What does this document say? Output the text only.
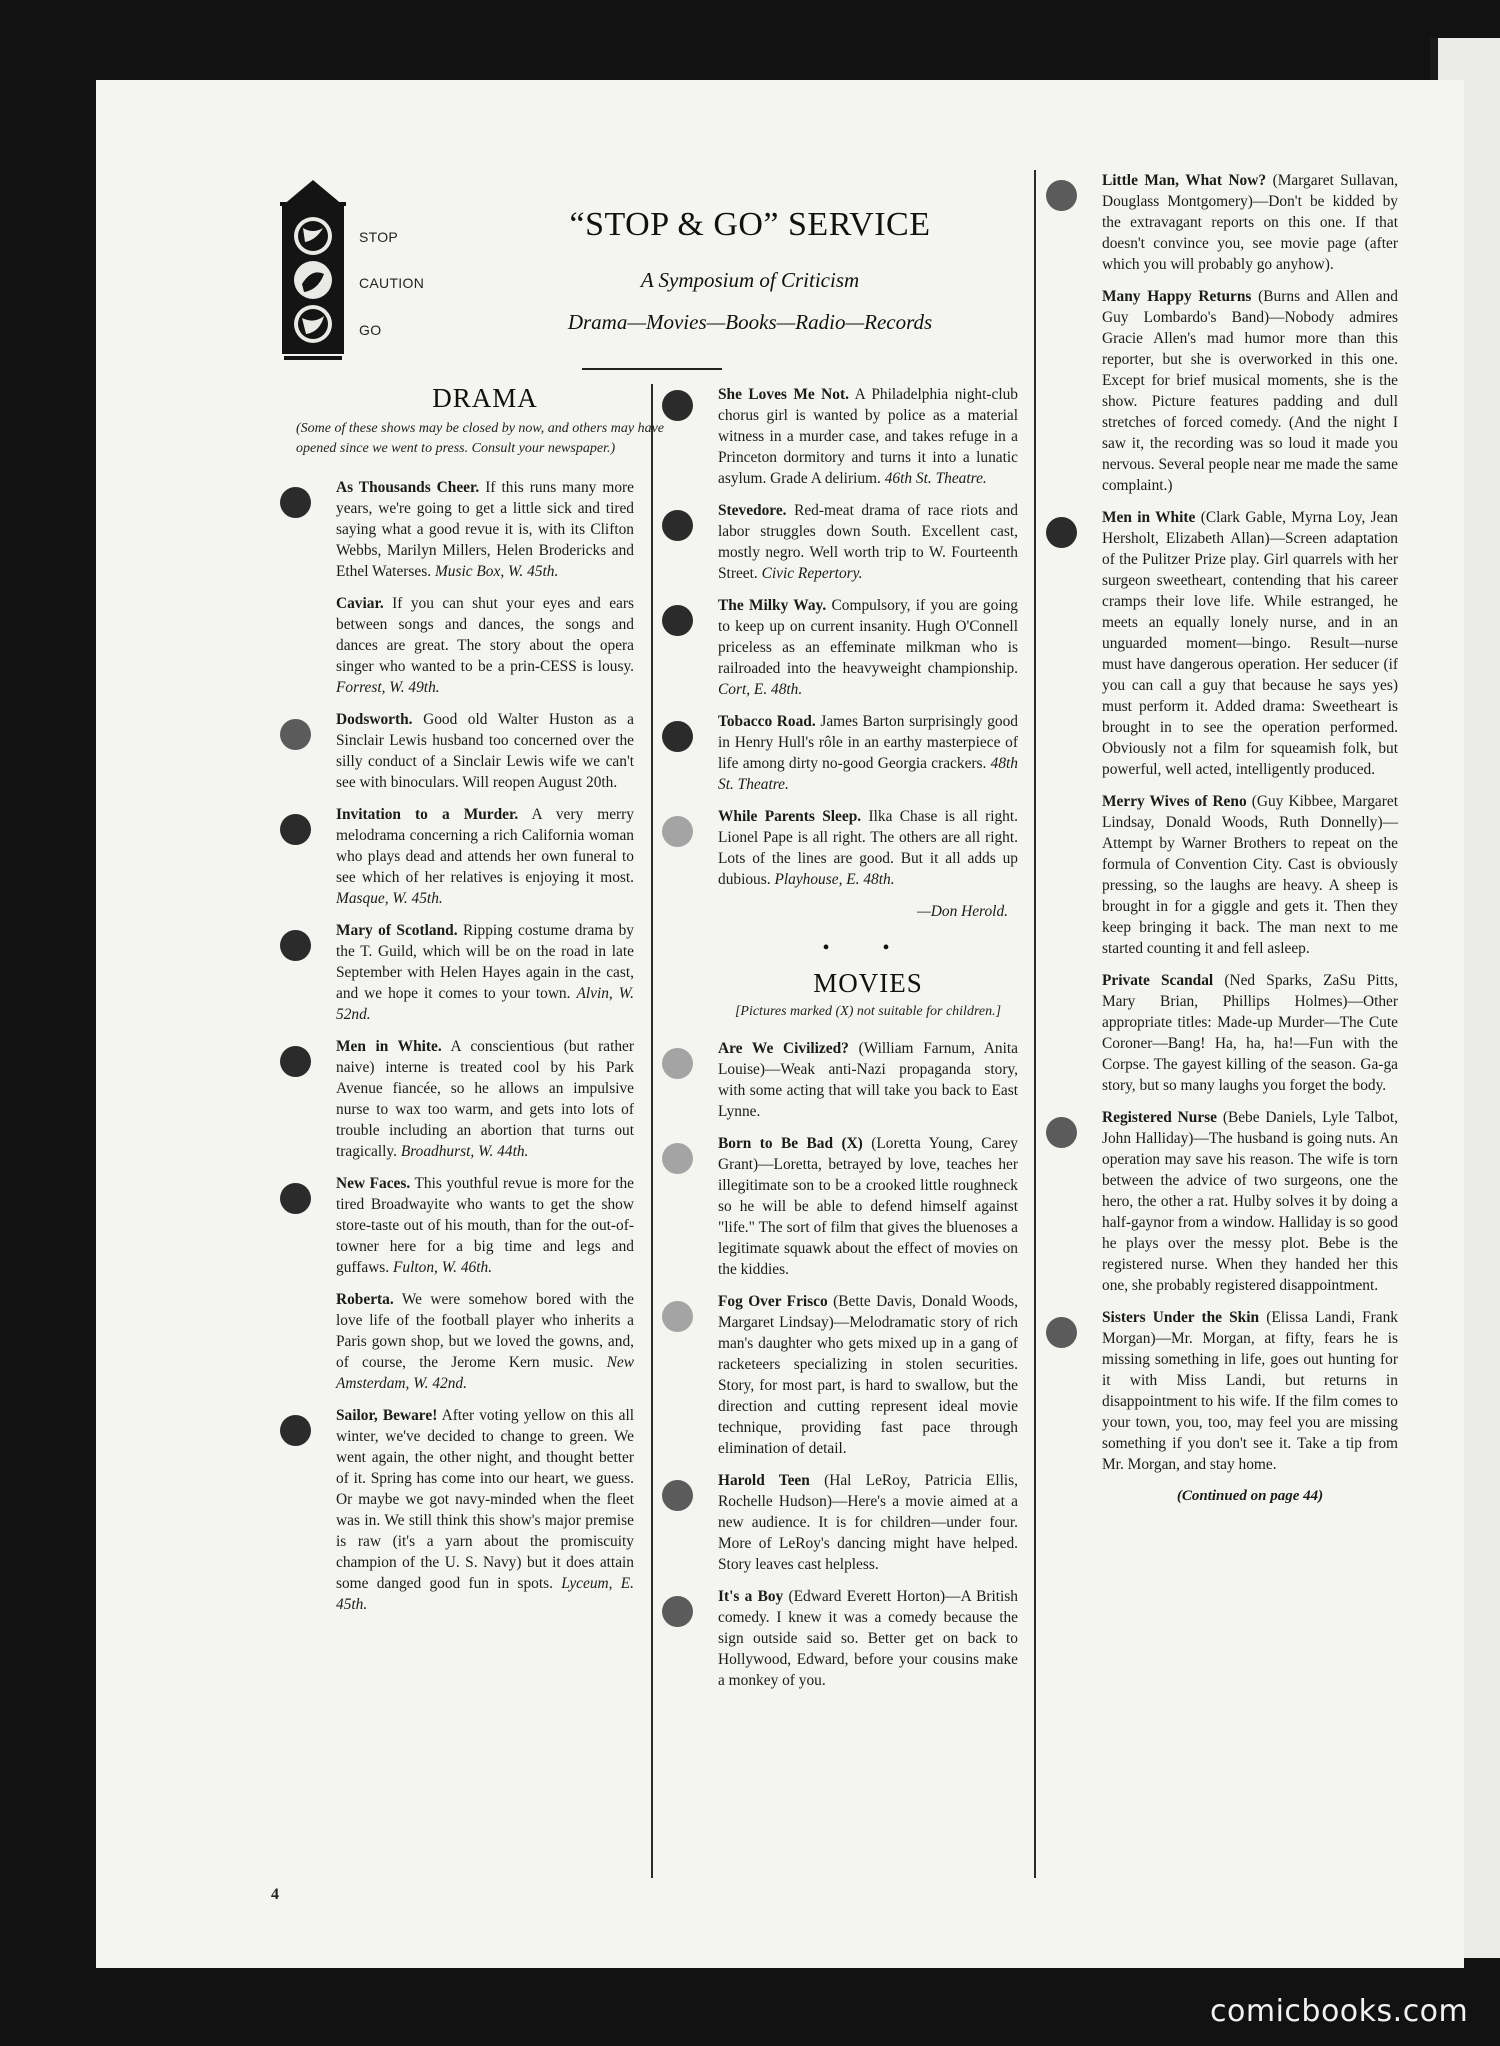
STOP
CAUTION
GO
“STOP & GO” SERVICE
A Symposium of Criticism
Drama—Movies—Books—Radio—Records
DRAMA
(Some of these shows may be closed by now, and others may have opened since we went to press. Consult your newspaper.)
As Thousands Cheer. If this runs many more years, we're going to get a little sick and tired saying what a good revue it is, with its Clifton Webbs, Marilyn Millers, Helen Brodericks and Ethel Waterses. Music Box, W. 45th.
Caviar. If you can shut your eyes and ears between songs and dances, the songs and dances are great. The story about the opera singer who wanted to be a prin-CESS is lousy. Forrest, W. 49th.
Dodsworth. Good old Walter Huston as a Sinclair Lewis husband too concerned over the silly conduct of a Sinclair Lewis wife we can't see with binoculars. Will reopen August 20th.
Invitation to a Murder. A very merry melodrama concerning a rich California woman who plays dead and attends her own funeral to see which of her relatives is enjoying it most. Masque, W. 45th.
Mary of Scotland. Ripping costume drama by the T. Guild, which will be on the road in late September with Helen Hayes again in the cast, and we hope it comes to your town. Alvin, W. 52nd.
Men in White. A conscientious (but rather naive) interne is treated cool by his Park Avenue fiancée, so he allows an impulsive nurse to wax too warm, and gets into lots of trouble including an abortion that turns out tragically. Broadhurst, W. 44th.
New Faces. This youthful revue is more for the tired Broadwayite who wants to get the show store-taste out of his mouth, than for the out-of-towner here for a big time and legs and guffaws. Fulton, W. 46th.
Roberta. We were somehow bored with the love life of the football player who inherits a Paris gown shop, but we loved the gowns, and, of course, the Jerome Kern music. New Amsterdam, W. 42nd.
Sailor, Beware! After voting yellow on this all winter, we've decided to change to green. We went again, the other night, and thought better of it. Spring has come into our heart, we guess. Or maybe we got navy-minded when the fleet was in. We still think this show's major premise is raw (it's a yarn about the promiscuity champion of the U. S. Navy) but it does attain some danged good fun in spots. Lyceum, E. 45th.
She Loves Me Not. A Philadelphia night-club chorus girl is wanted by police as a material witness in a murder case, and takes refuge in a Princeton dormitory and turns it into a lunatic asylum. Grade A delirium. 46th St. Theatre.
Stevedore. Red-meat drama of race riots and labor struggles down South. Excellent cast, mostly negro. Well worth trip to W. Fourteenth Street. Civic Repertory.
The Milky Way. Compulsory, if you are going to keep up on current insanity. Hugh O'Connell priceless as an effeminate milkman who is railroaded into the heavyweight championship. Cort, E. 48th.
Tobacco Road. James Barton surprisingly good in Henry Hull's rôle in an earthy masterpiece of life among dirty no-good Georgia crackers. 48th St. Theatre.
While Parents Sleep. Ilka Chase is all right. Lionel Pape is all right. The others are all right. Lots of the lines are good. But it all adds up dubious. Playhouse, E. 48th.
—Don Herold.
• •
MOVIES
[Pictures marked (X) not suitable for children.]
Are We Civilized? (William Farnum, Anita Louise)—Weak anti-Nazi propaganda story, with some acting that will take you back to East Lynne.
Born to Be Bad (X) (Loretta Young, Carey Grant)—Loretta, betrayed by love, teaches her illegitimate son to be a crooked little roughneck so he will be able to defend himself against "life." The sort of film that gives the bluenoses a legitimate squawk about the effect of movies on the kiddies.
Fog Over Frisco (Bette Davis, Donald Woods, Margaret Lindsay)—Melodramatic story of rich man's daughter who gets mixed up in a gang of racketeers specializing in stolen securities. Story, for most part, is hard to swallow, but the direction and cutting represent ideal movie technique, providing fast pace through elimination of detail.
Harold Teen (Hal LeRoy, Patricia Ellis, Rochelle Hudson)—Here's a movie aimed at a new audience. It is for children—under four. More of LeRoy's dancing might have helped. Story leaves cast helpless.
It's a Boy (Edward Everett Horton)—A British comedy. I knew it was a comedy because the sign outside said so. Better get on back to Hollywood, Edward, before your cousins make a monkey of you.
Little Man, What Now? (Margaret Sullavan, Douglass Montgomery)—Don't be kidded by the extravagant reports on this one. If that doesn't convince you, see movie page (after which you will probably go anyhow).
Many Happy Returns (Burns and Allen and Guy Lombardo's Band)—Nobody admires Gracie Allen's mad humor more than this reporter, but she is overworked in this one. Except for brief musical moments, she is the show. Picture features padding and dull stretches of forced comedy. (And the night I saw it, the recording was so loud it made you nervous. Several people near me made the same complaint.)
Men in White (Clark Gable, Myrna Loy, Jean Hersholt, Elizabeth Allan)—Screen adaptation of the Pulitzer Prize play. Girl quarrels with her surgeon sweetheart, contending that his career cramps their love life. While estranged, he meets an equally lonely nurse, and in an unguarded moment—bingo. Result—nurse must have dangerous operation. Her seducer (if you can call a guy that because he says yes) must perform it. Added drama: Sweetheart is brought in to see the operation performed. Obviously not a film for squeamish folk, but powerful, well acted, intelligently produced.
Merry Wives of Reno (Guy Kibbee, Margaret Lindsay, Donald Woods, Ruth Donnelly)—Attempt by Warner Brothers to repeat on the formula of Convention City. Cast is obviously pressing, so the laughs are heavy. A sheep is brought in for a giggle and gets it. Then they keep bringing it back. The man next to me started counting it and fell asleep.
Private Scandal (Ned Sparks, ZaSu Pitts, Mary Brian, Phillips Holmes)—Other appropriate titles: Made-up Murder—The Cute Coroner—Bang! Ha, ha, ha!—Fun with the Corpse. The gayest killing of the season. Ga-ga story, but so many laughs you forget the body.
Registered Nurse (Bebe Daniels, Lyle Talbot, John Halliday)—The husband is going nuts. An operation may save his reason. The wife is torn between the advice of two surgeons, one the hero, the other a rat. Hulby solves it by doing a half-gaynor from a window. Halliday is so good he plays over the messy plot. Bebe is the registered nurse. When they handed her this one, she probably registered disappointment.
Sisters Under the Skin (Elissa Landi, Frank Morgan)—Mr. Morgan, at fifty, fears he is missing something in life, goes out hunting for it with Miss Landi, but returns in disappointment to his wife. If the film comes to your town, you, too, may feel you are missing something if you don't see it. Take a tip from Mr. Morgan, and stay home.
(Continued on page 44)
4
comicbooks.com
